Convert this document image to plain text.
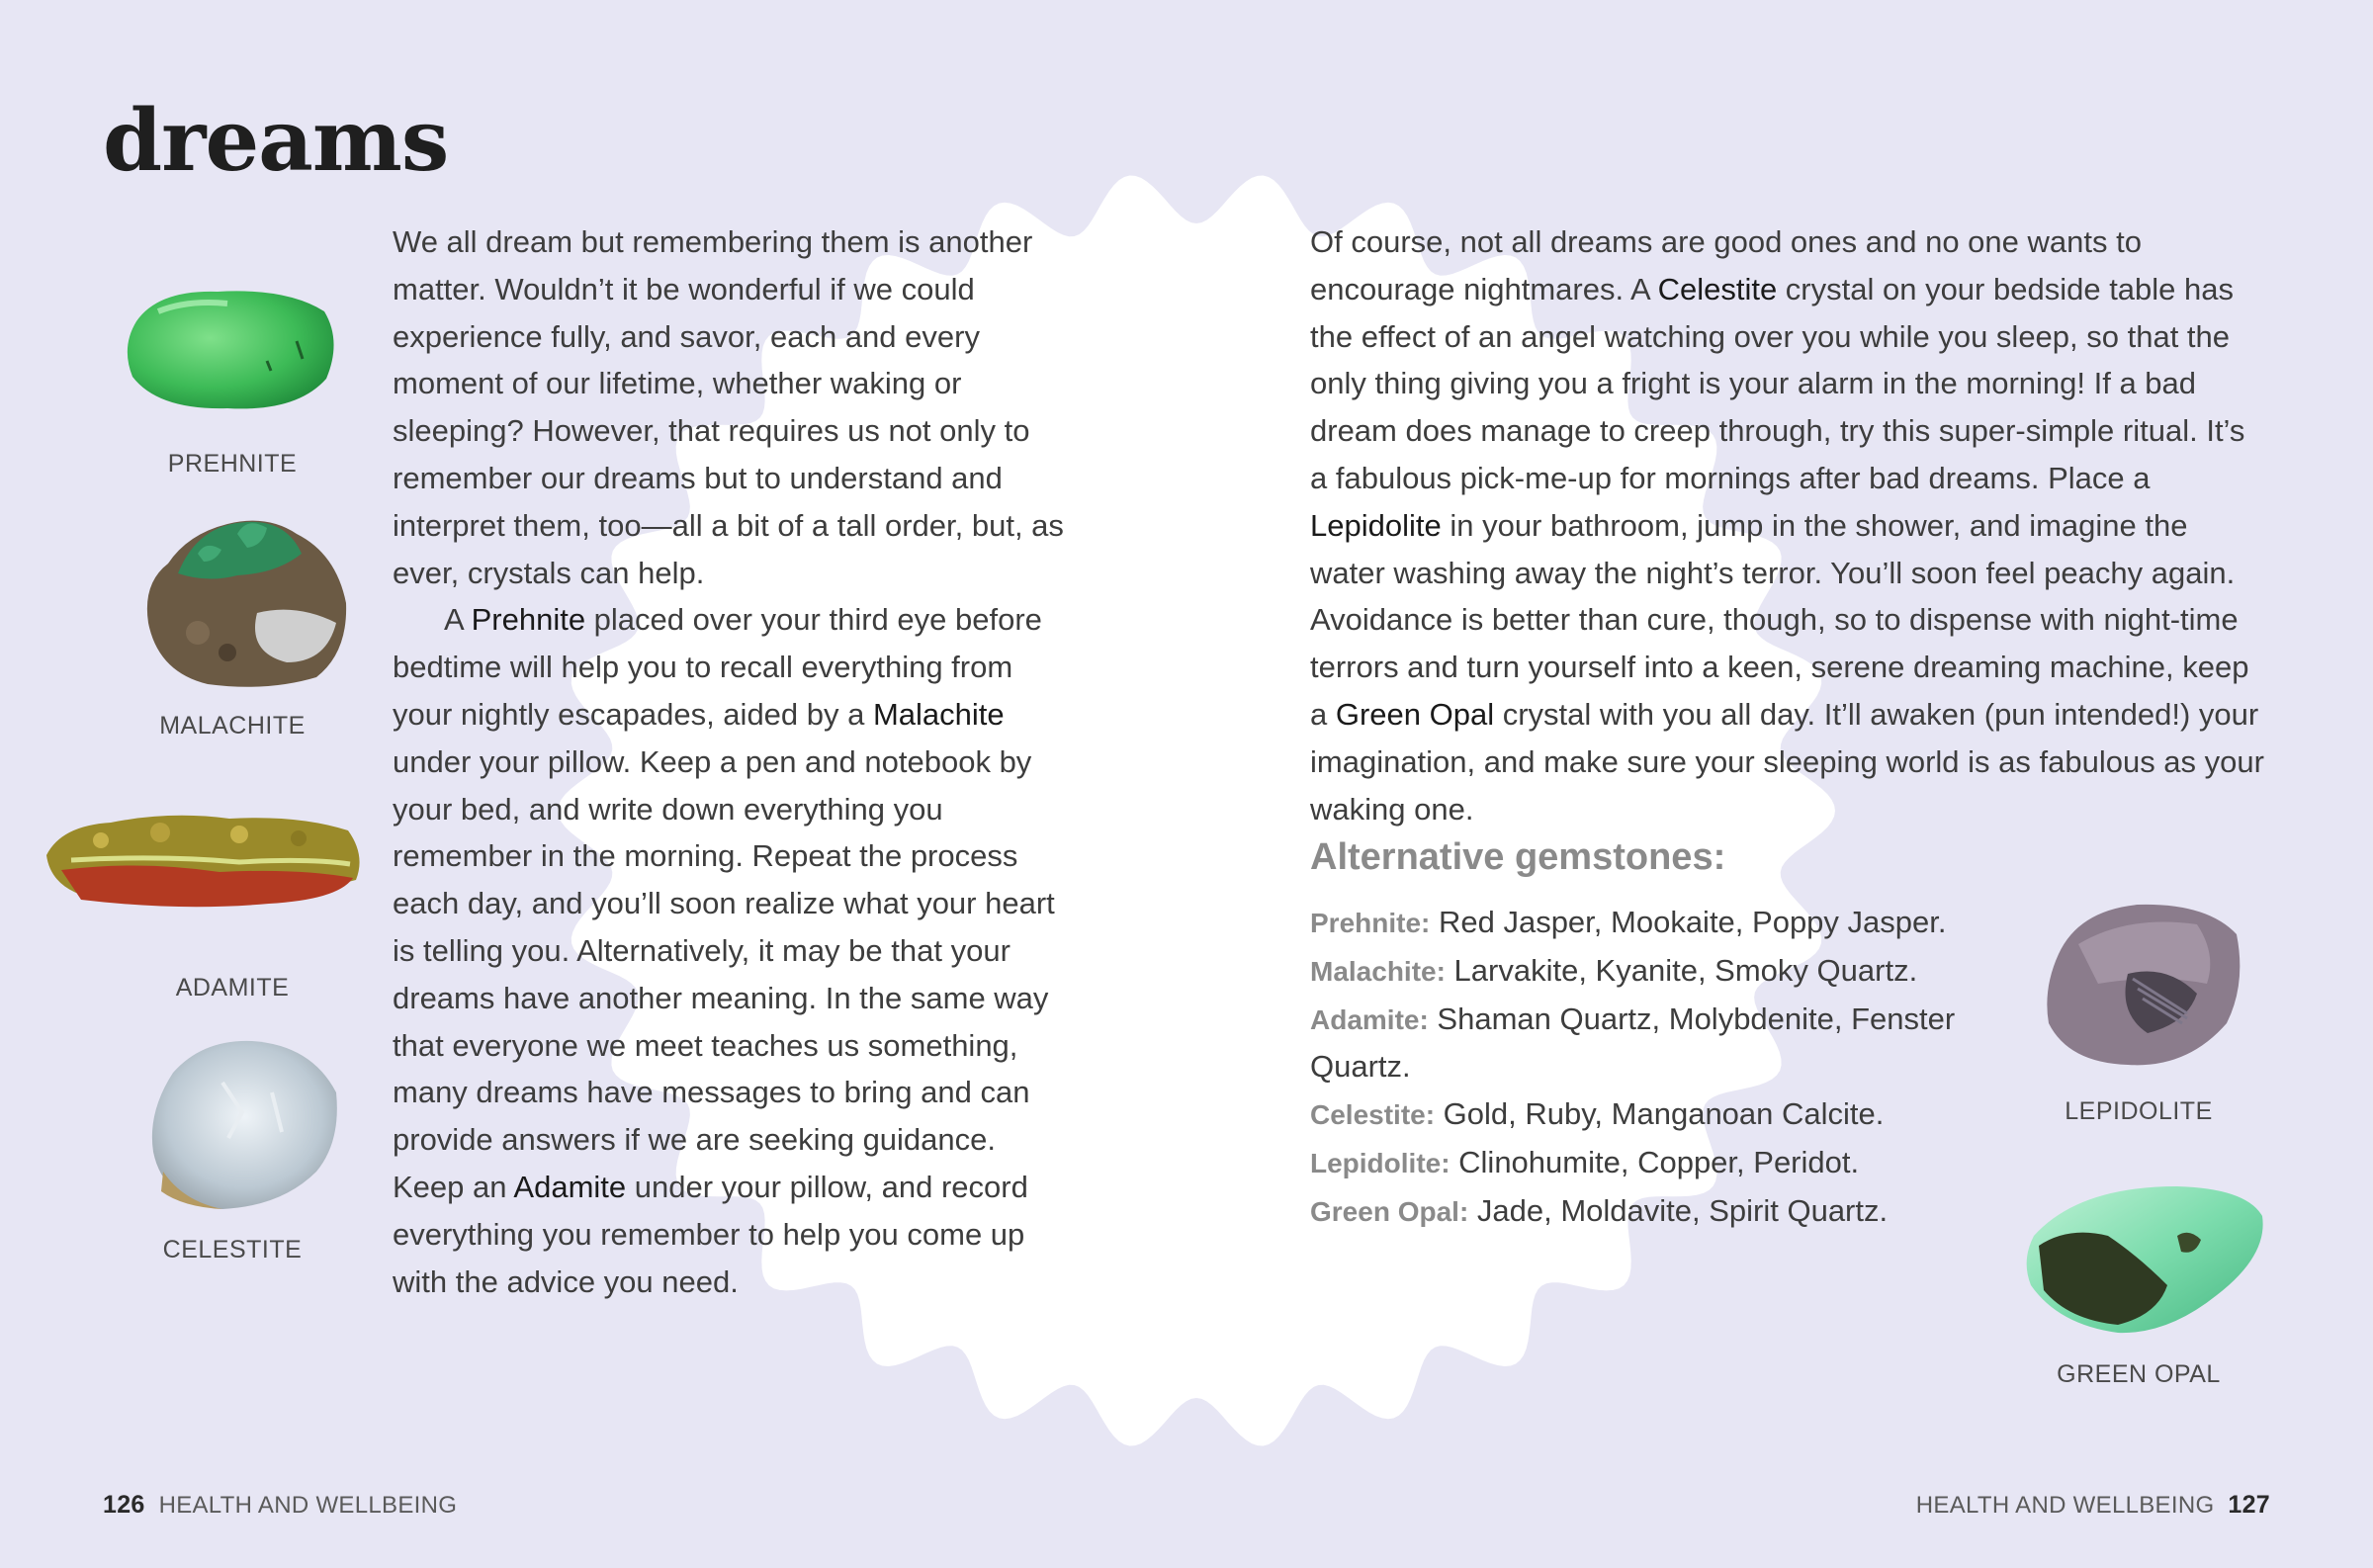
dreams

We all dream but remembering them is another matter. Wouldn’t it be wonderful if we could experience fully, and savor, each and every moment of our lifetime, whether waking or sleeping? However, that requires us not only to remember our dreams but to understand and interpret them, too—all a bit of a tall order, but, as ever, crystals can help.

A Prehnite placed over your third eye before bedtime will help you to recall everything from your nightly escapades, aided by a Malachite under your pillow. Keep a pen and notebook by your bed, and write down everything you remember in the morning. Repeat the process each day, and you’ll soon realize what your heart is telling you. Alternatively, it may be that your dreams have another meaning. In the same way that everyone we meet teaches us something, many dreams have messages to bring and can provide answers if we are seeking guidance. Keep an Adamite under your pillow, and record everything you remember to help you come up with the advice you need.

Of course, not all dreams are good ones and no one wants to encourage nightmares. A Celestite crystal on your bedside table has the effect of an angel watching over you while you sleep, so that the only thing giving you a fright is your alarm in the morning! If a bad dream does manage to creep through, try this super-simple ritual. It’s a fabulous pick-me-up for mornings after bad dreams. Place a Lepidolite in your bathroom, jump in the shower, and imagine the water washing away the night’s terror. You’ll soon feel peachy again. Avoidance is better than cure, though, so to dispense with night-time terrors and turn yourself into a keen, serene dreaming machine, keep a Green Opal crystal with you all day. It’ll awaken (pun intended!) your imagination, and make sure your sleeping world is as fabulous as your waking one.

Alternative gemstones:
Prehnite: Red Jasper, Mookaite, Poppy Jasper.
Malachite: Larvakite, Kyanite, Smoky Quartz.
Adamite: Shaman Quartz, Molybdenite, Fenster Quartz.
Celestite: Gold, Ruby, Manganoan Calcite.
Lepidolite: Clinohumite, Copper, Peridot.
Green Opal: Jade, Moldavite, Spirit Quartz.
PREHNITE
MALACHITE
ADAMITE
CELESTITE
LEPIDOLITE
GREEN OPAL
126 HEALTH AND WELLBEING	HEALTH AND WELLBEING 127
